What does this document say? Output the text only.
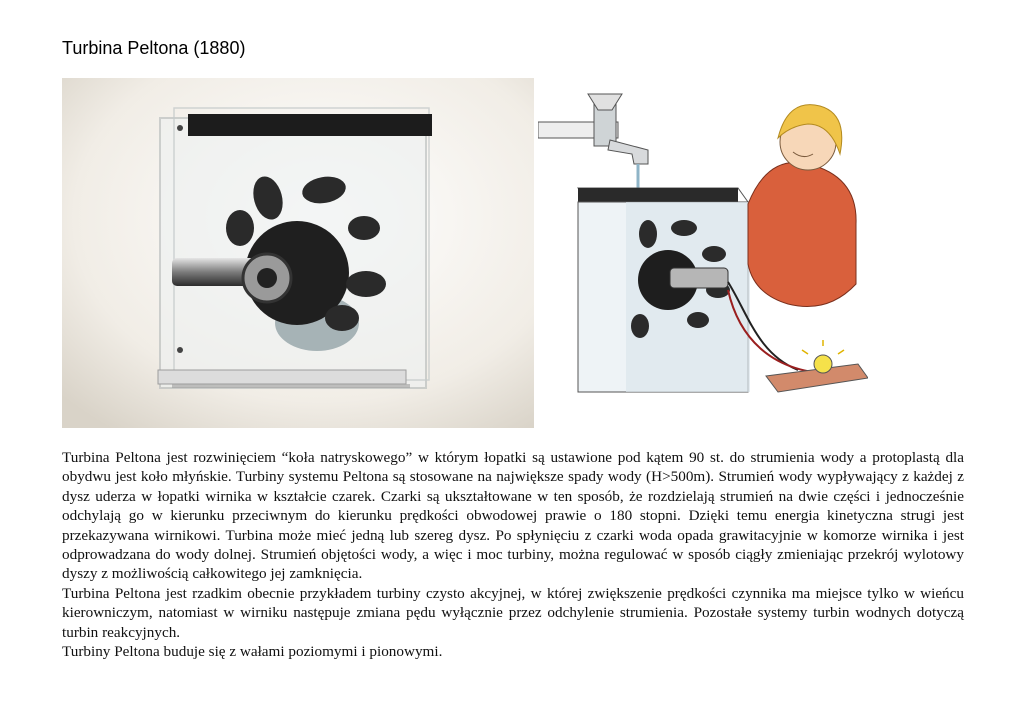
Turbina Peltona (1880)

Turbina Peltona jest rozwinięciem “koła natryskowego” w którym łopatki są ustawione pod kątem 90 st. do strumienia wody a protoplastą dla obydwu jest koło młyńskie. Turbiny systemu Peltona są stosowane na największe spady wody (H>500m). Strumień wody wypływający z każdej z dysz uderza w łopatki wirnika w kształcie czarek. Czarki są ukształtowane w ten sposób, że rozdzielają strumień na dwie części i jednocześnie odchylają go w kierunku przeciwnym do kierunku prędkości obwodowej prawie o 180 stopni. Dzięki temu energia kinetyczna strugi jest przekazywana wirnikowi. Turbina może mieć jedną lub szereg dysz. Po spłynięciu z czarki woda opada grawitacyjnie w komorze wirnika i jest odprowadzana do wody dolnej. Strumień objętości wody, a więc i moc turbiny, można regulować w sposób ciągły zmieniając przekrój wylotowy dyszy z możliwością całkowitego jej zamknięcia.

Turbina Peltona jest rzadkim obecnie przykładem turbiny czysto akcyjnej, w której zwiększenie prędkości czynnika ma miejsce tylko w wieńcu kierowniczym, natomiast w wirniku następuje zmiana pędu wyłącznie przez odchylenie strumienia. Pozostałe systemy turbin wodnych dotyczą turbin reakcyjnych.

Turbiny Peltona buduje się z wałami poziomymi i pionowymi.
